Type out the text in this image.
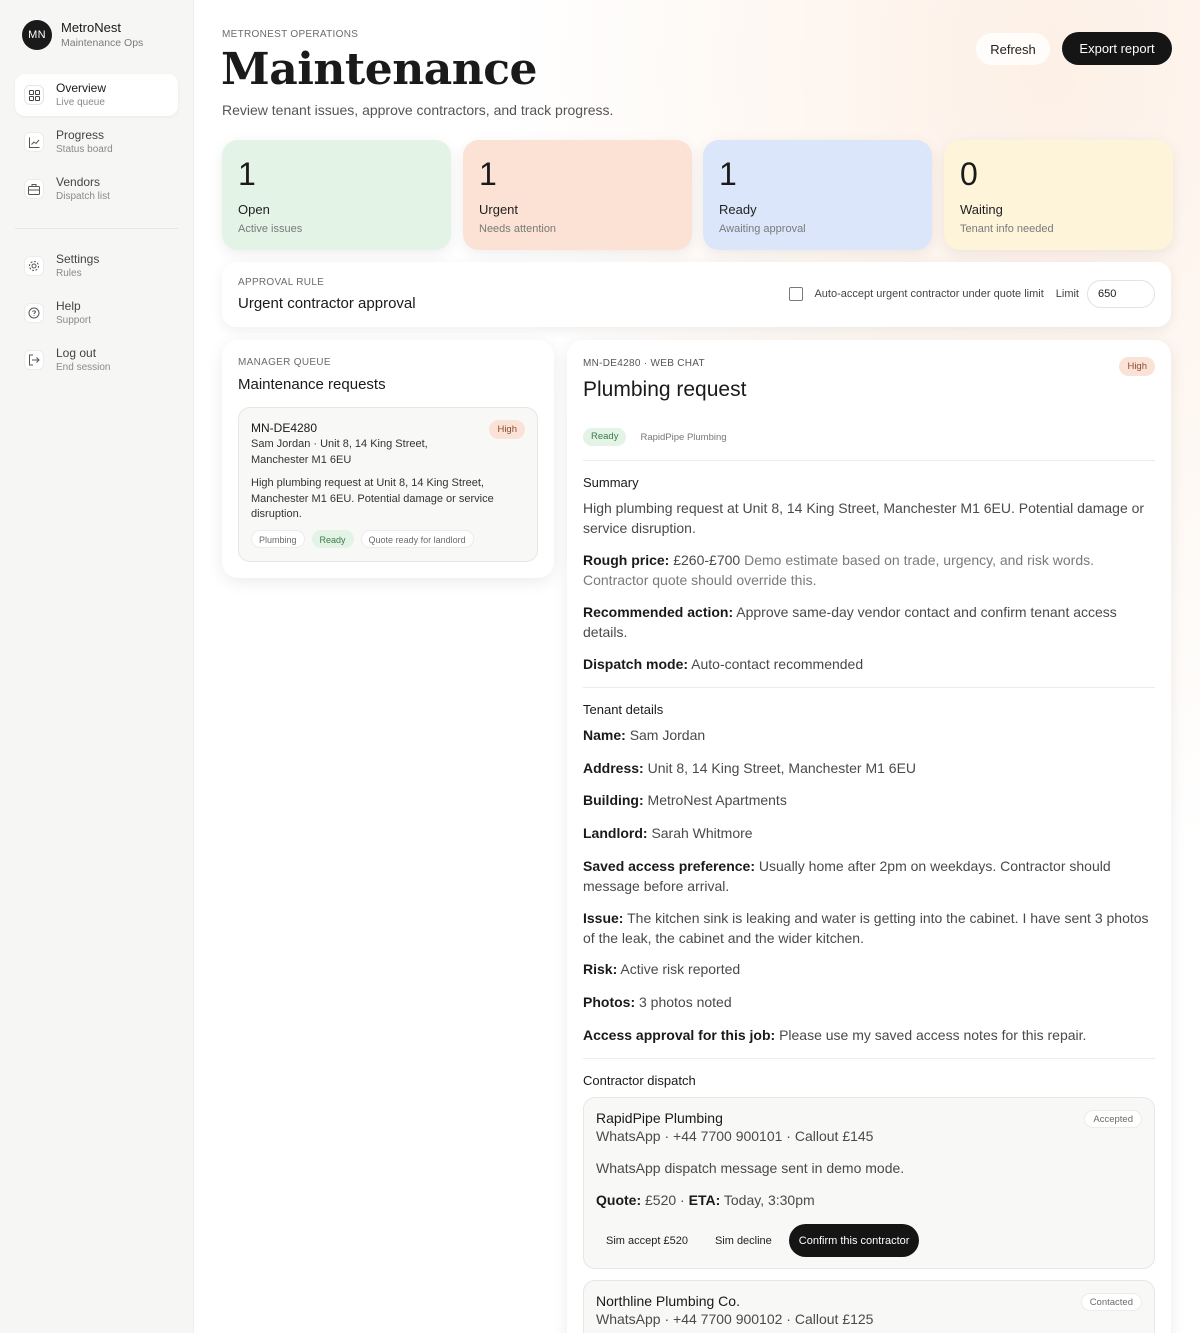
MN	MetroNest
Maintenance Ops
Overview
Live queue
Progress
Status board
Vendors
Dispatch list
Settings
Rules
Help
Support
Log out
End session
METRONEST OPERATIONS
Maintenance
Review tenant issues, approve contractors, and track progress.
Refresh	Export report
1
Open
Active issues
1
Urgent
Needs attention
1
Ready
Awaiting approval
0
Waiting
Tenant info needed
APPROVAL RULE
Urgent contractor approval
Auto-accept urgent contractor under quote limit Limit
650
MANAGER QUEUE
Maintenance requests
MN-DE4280
Sam Jordan · Unit 8, 14 King Street, Manchester M1 6EU
High plumbing request at Unit 8, 14 King Street, Manchester M1 6EU. Potential damage or service disruption.
High
Plumbing	Ready	Quote ready for landlord
MN-DE4280 · WEB CHAT
Plumbing request
High
Ready	RapidPipe Plumbing
Summary
High plumbing request at Unit 8, 14 King Street, Manchester M1 6EU. Potential damage or service disruption.
Rough price: £260-£700 Demo estimate based on trade, urgency, and risk words. Contractor quote should override this.
Recommended action: Approve same-day vendor contact and confirm tenant access details.
Dispatch mode: Auto-contact recommended
Tenant details
Name: Sam Jordan
Address: Unit 8, 14 King Street, Manchester M1 6EU
Building: MetroNest Apartments
Landlord: Sarah Whitmore
Saved access preference: Usually home after 2pm on weekdays. Contractor should message before arrival.
Issue: The kitchen sink is leaking and water is getting into the cabinet. I have sent 3 photos of the leak, the cabinet and the wider kitchen.
Risk: Active risk reported
Photos: 3 photos noted
Access approval for this job: Please use my saved access notes for this repair.
Contractor dispatch
RapidPipe Plumbing
WhatsApp · +44 7700 900101 · Callout £145
Accepted
WhatsApp dispatch message sent in demo mode.
Quote: £520 · ETA: Today, 3:30pm
Sim accept £520	Sim decline	Confirm this contractor
Northline Plumbing Co.
WhatsApp · +44 7700 900102 · Callout £125
Contacted
